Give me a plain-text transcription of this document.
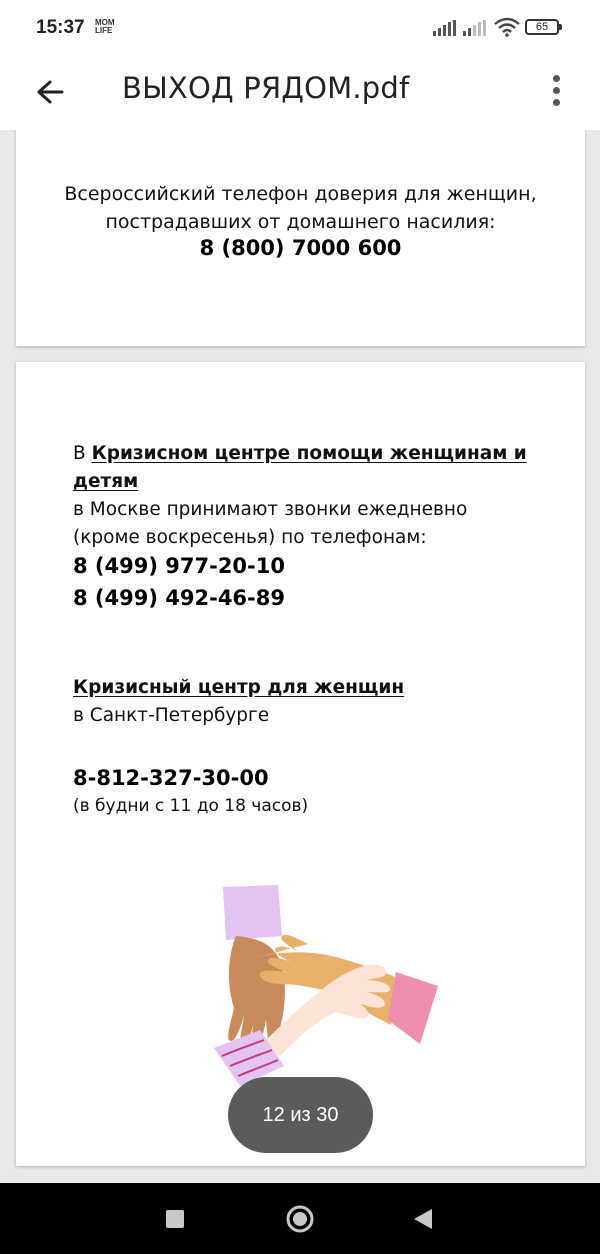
15:37 MOM
LIFE	65
ВЫХОД РЯДОМ.pdf
Всероссийский телефон доверия для женщин,
пострадавших от домашнего насилия:
8 (800) 7000 600
В Кризисном центре помощи женщинам и детям
в Москве принимают звонки ежедневно
(кроме воскресенья) по телефонам:
8 (499) 977-20-10
8 (499) 492-46-89
Кризисный центр для женщин
в Санкт-Петербурге
8-812-327-30-00
(в будни с 11 до 18 часов)
12 из 30
